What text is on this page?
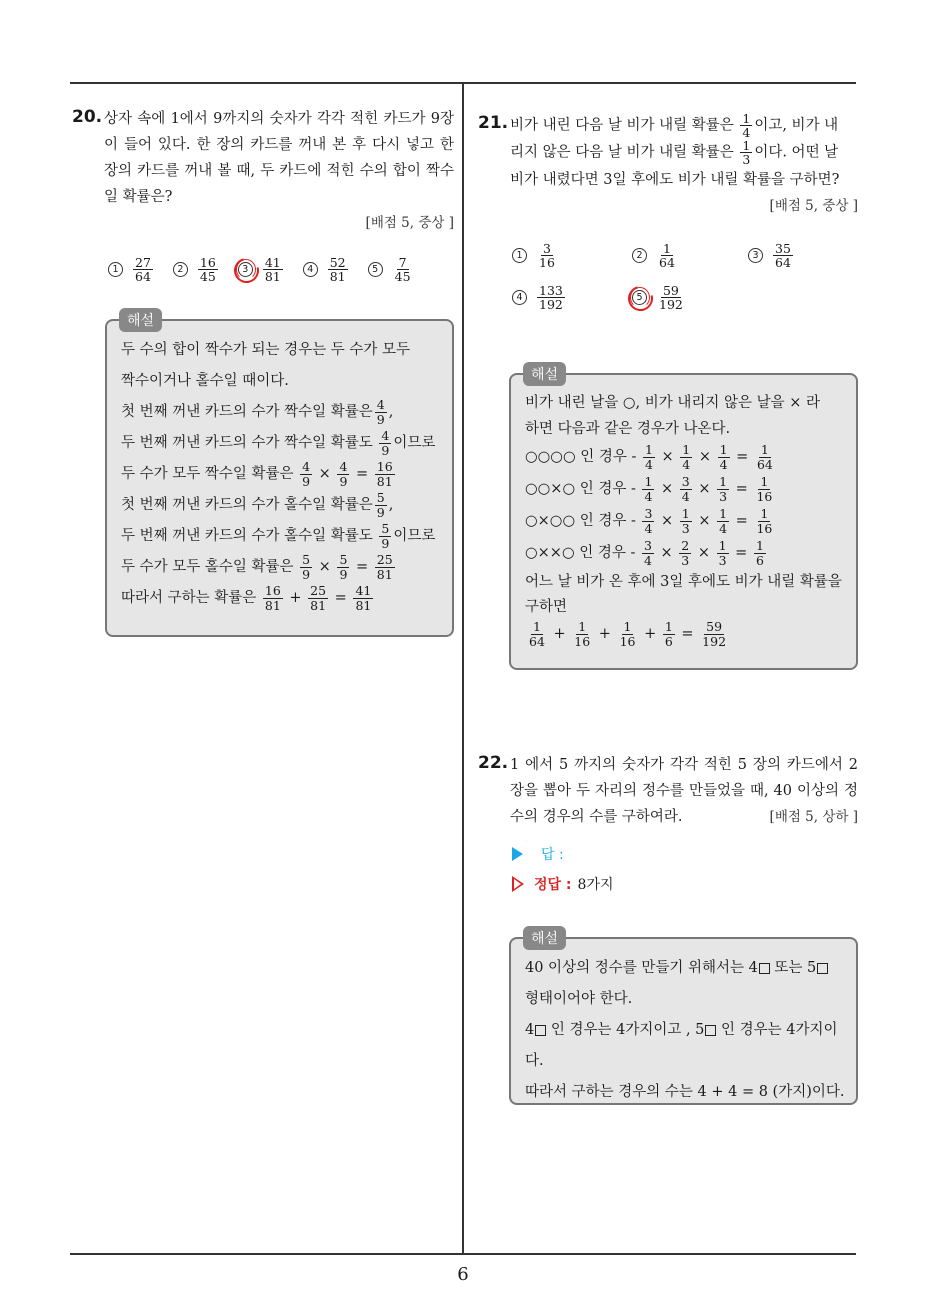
6
20. 상자 속에 1에서 9까지의 숫자가 각각 적힌 카드가 9장이 들어 있다. 한 장의 카드를 꺼내 본 후 다시 넣고 한 장의 카드를 꺼내 볼 때, 두 카드에 적힌 수의 합이 짝수일 확률은?
[배점 5, 중상 ]
1	$\frac{27}{64}$	2	$\frac{16}{45}$	3	$\frac{41}{81}$	4	$\frac{52}{81}$	5	$\frac{7}{45}$
해설
두 수의 합이 짝수가 되는 경우는 두 수가 모두
짝수이거나 홀수일 때이다.
첫 번째 꺼낸 카드의 수가 짝수일 확률은 $\frac{4}{9}$ ,
두 번째 꺼낸 카드의 수가 짝수일 확률도 $\frac{4}{9}$ 이므로
두 수가 모두 짝수일 확률은 $\frac{4}{9} \times \frac{4}{9} = \frac{16}{81}$
첫 번째 꺼낸 카드의 수가 홀수일 확률은 $\frac{5}{9}$ ,
두 번째 꺼낸 카드의 수가 홀수일 확률도 $\frac{5}{9}$ 이므로
두 수가 모두 홀수일 확률은 $\frac{5}{9} \times \frac{5}{9} = \frac{25}{81}$
따라서 구하는 확률은 $\frac{16}{81} + \frac{25}{81} = \frac{41}{81}$
21. 비가 내린 다음 날 비가 내릴 확률은 $\frac{1}{4}$ 이고, 비가 내
리지 않은 다음 날 비가 내릴 확률은 $\frac{1}{3}$ 이다. 어떤 날
비가 내렸다면 3일 후에도 비가 내릴 확률을 구하면?
[배점 5, 중상 ]
1	$\frac{3}{16}$	2	$\frac{1}{64}$	3	$\frac{35}{64}$
4	$\frac{133}{192}$	5	$\frac{59}{192}$
해설
비가 내린 날을 ○, 비가 내리지 않은 날을 × 라
하면 다음과 같은 경우가 나온다.
○○○○ 인 경우 - $\frac{1}{4} \times \frac{1}{4} \times \frac{1}{4} = \frac{1}{64}$
○○×○ 인 경우 - $\frac{1}{4} \times \frac{3}{4} \times \frac{1}{3} = \frac{1}{16}$
○×○○ 인 경우 - $\frac{3}{4} \times \frac{1}{3} \times \frac{1}{4} = \frac{1}{16}$
○××○ 인 경우 - $\frac{3}{4} \times \frac{2}{3} \times \frac{1}{3} = \frac{1}{6}$
어느 날 비가 온 후에 3일 후에도 비가 내릴 확률을
구하면
$\frac{1}{64} + \frac{1}{16} + \frac{1}{16} + \frac{1}{6} = \frac{59}{192}$
22. 1 에서 5 까지의 숫자가 각각 적힌 5 장의 카드에서 2장을 뽑아 두 자리의 정수를 만들었을 때, 40 이상의 정수의 경우의 수를 구하여라.	[배점 5, 상하 ]
답 :
정답 : 8가지
해설
40 이상의 정수를 만들기 위해서는 4 또는 5
형태이어야 한다.
4 인 경우는 4가지이고 , 5 인 경우는 4가지이
다.
따라서 구하는 경우의 수는 4 + 4 = 8 (가지)이다.
